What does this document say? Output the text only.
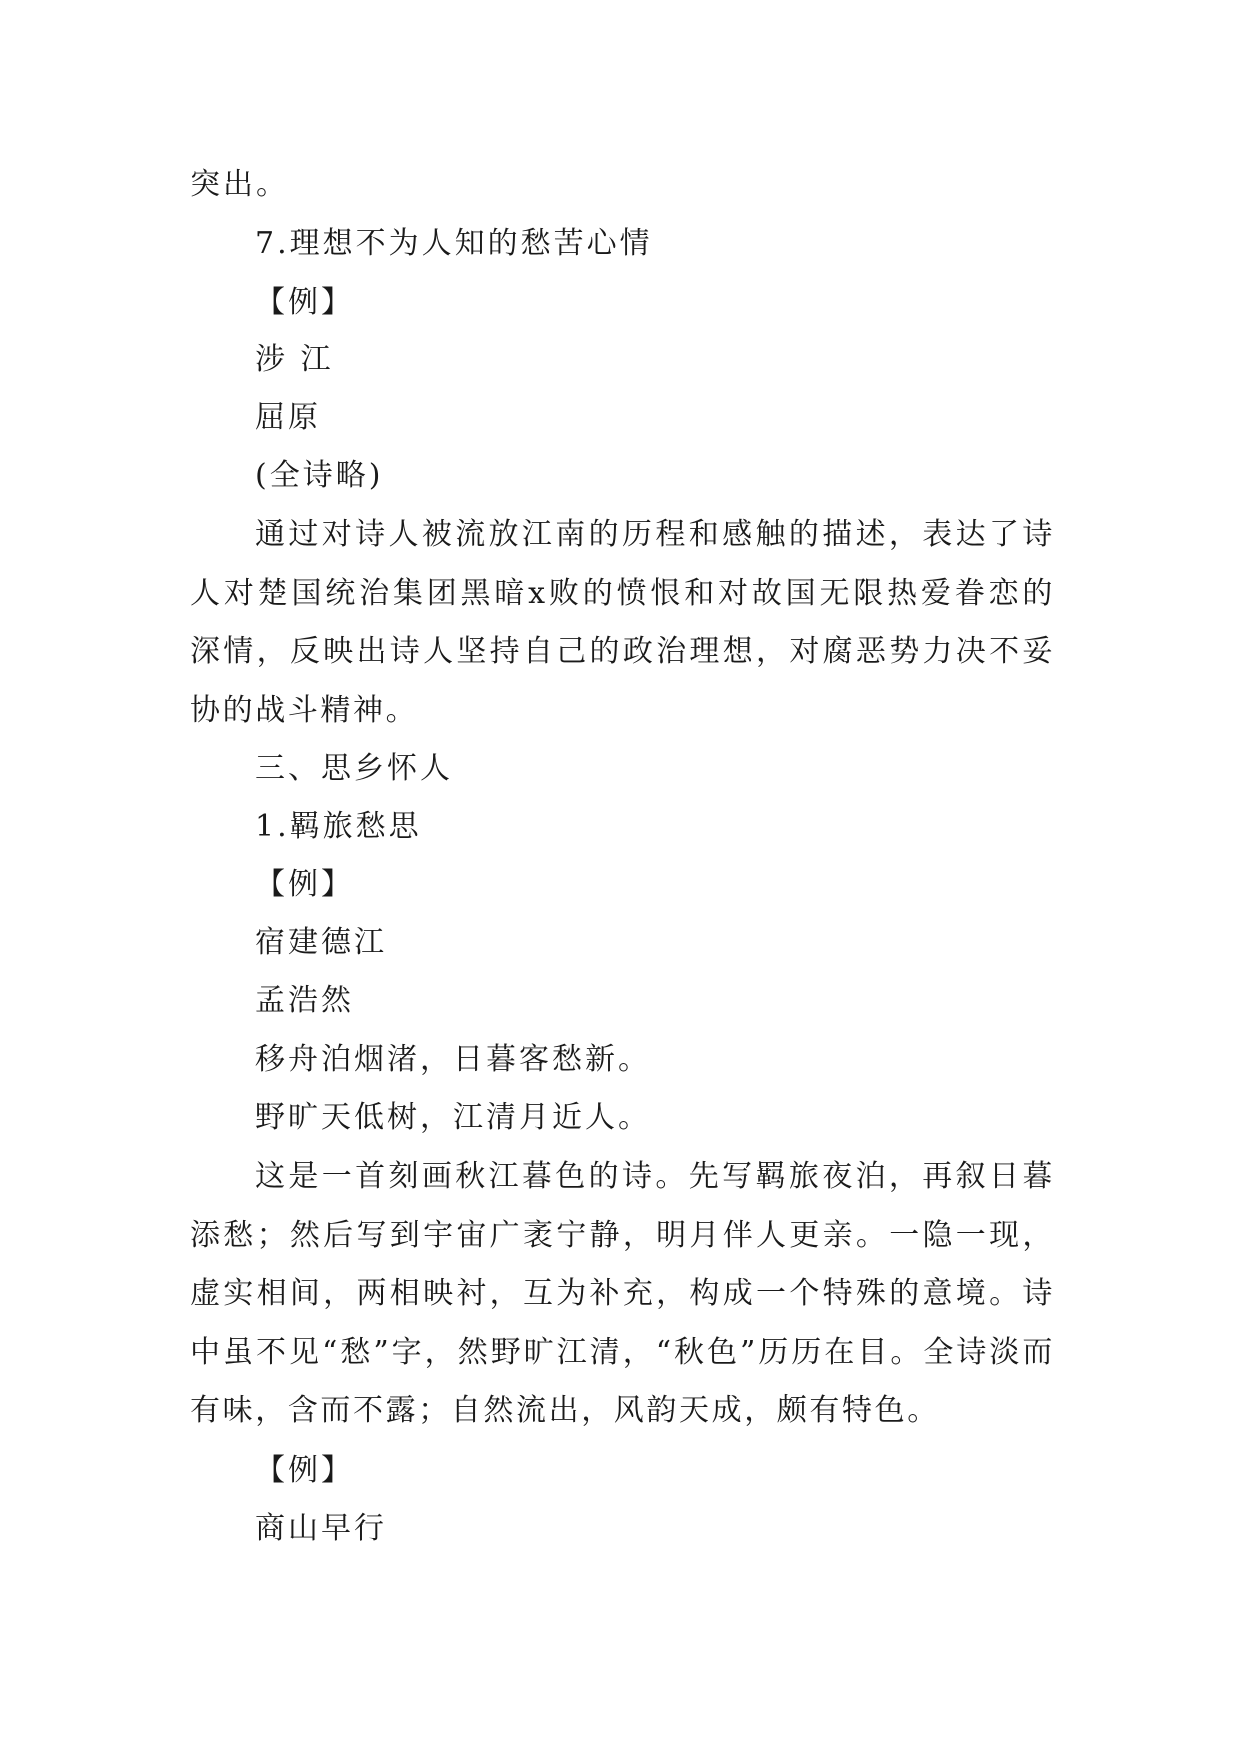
突出。
7.理想不为人知的愁苦心情
【例】
涉 江
屈原
(全诗略)

通过对诗人被流放江南的历程和感触的描述，表达了诗人对楚国统治集团黑暗x败的愤恨和对故国无限热爱眷恋的深情，反映出诗人坚持自己的政治理想，对腐恶势力决不妥协的战斗精神。

三、思乡怀人
1.羁旅愁思
【例】
宿建德江
孟浩然
移舟泊烟渚，日暮客愁新。
野旷天低树，江清月近人。

这是一首刻画秋江暮色的诗。先写羁旅夜泊，再叙日暮添愁；然后写到宇宙广袤宁静，明月伴人更亲。一隐一现，虚实相间，两相映衬，互为补充，构成一个特殊的意境。诗中虽不见“愁”字，然野旷江清，“秋色”历历在目。全诗淡而有味，含而不露；自然流出，风韵天成，颇有特色。

【例】
商山早行
